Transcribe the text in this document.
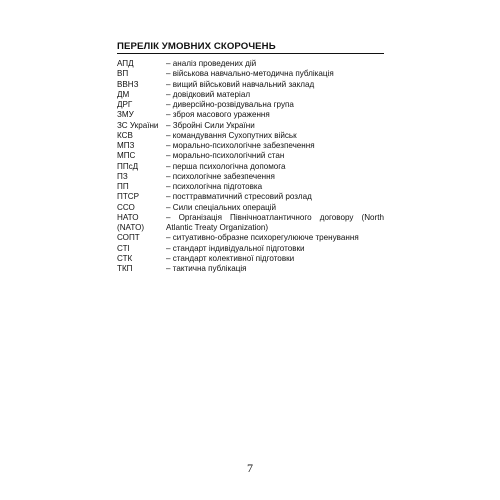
ПЕРЕЛІК УМОВНИХ СКОРОЧЕНЬ
АПД	– аналіз проведених дій
ВП	– військова навчально-методична публікація
ВВНЗ	– вищий військовий навчальний заклад
ДМ	– довідковий матеріал
ДРГ	– диверсійно-розвідувальна група
ЗМУ	– зброя масового ураження
ЗС України – Збройні Сили України
КСВ	– командування Сухопутних військ
МПЗ	– морально-психологічне забезпечення
МПС	– морально-психологічний стан
ППсД	– перша психологічна допомога
ПЗ	– психологічне забезпечення
ПП	– психологічна підготовка
ПТСР	– посттравматичний стресовий розлад
ССО	– Сили спеціальних операцій
НАТО	– Організація Північноатлантичного договору (North
(NATO)	Atlantic Treaty Organization)
СОПТ	– ситуативно-образне психорегулюючe тренування
СТІ	– стандарт індивідуальної підготовки
СТК	– стандарт колективної підготовки
ТКП	– тактична публікація
7
